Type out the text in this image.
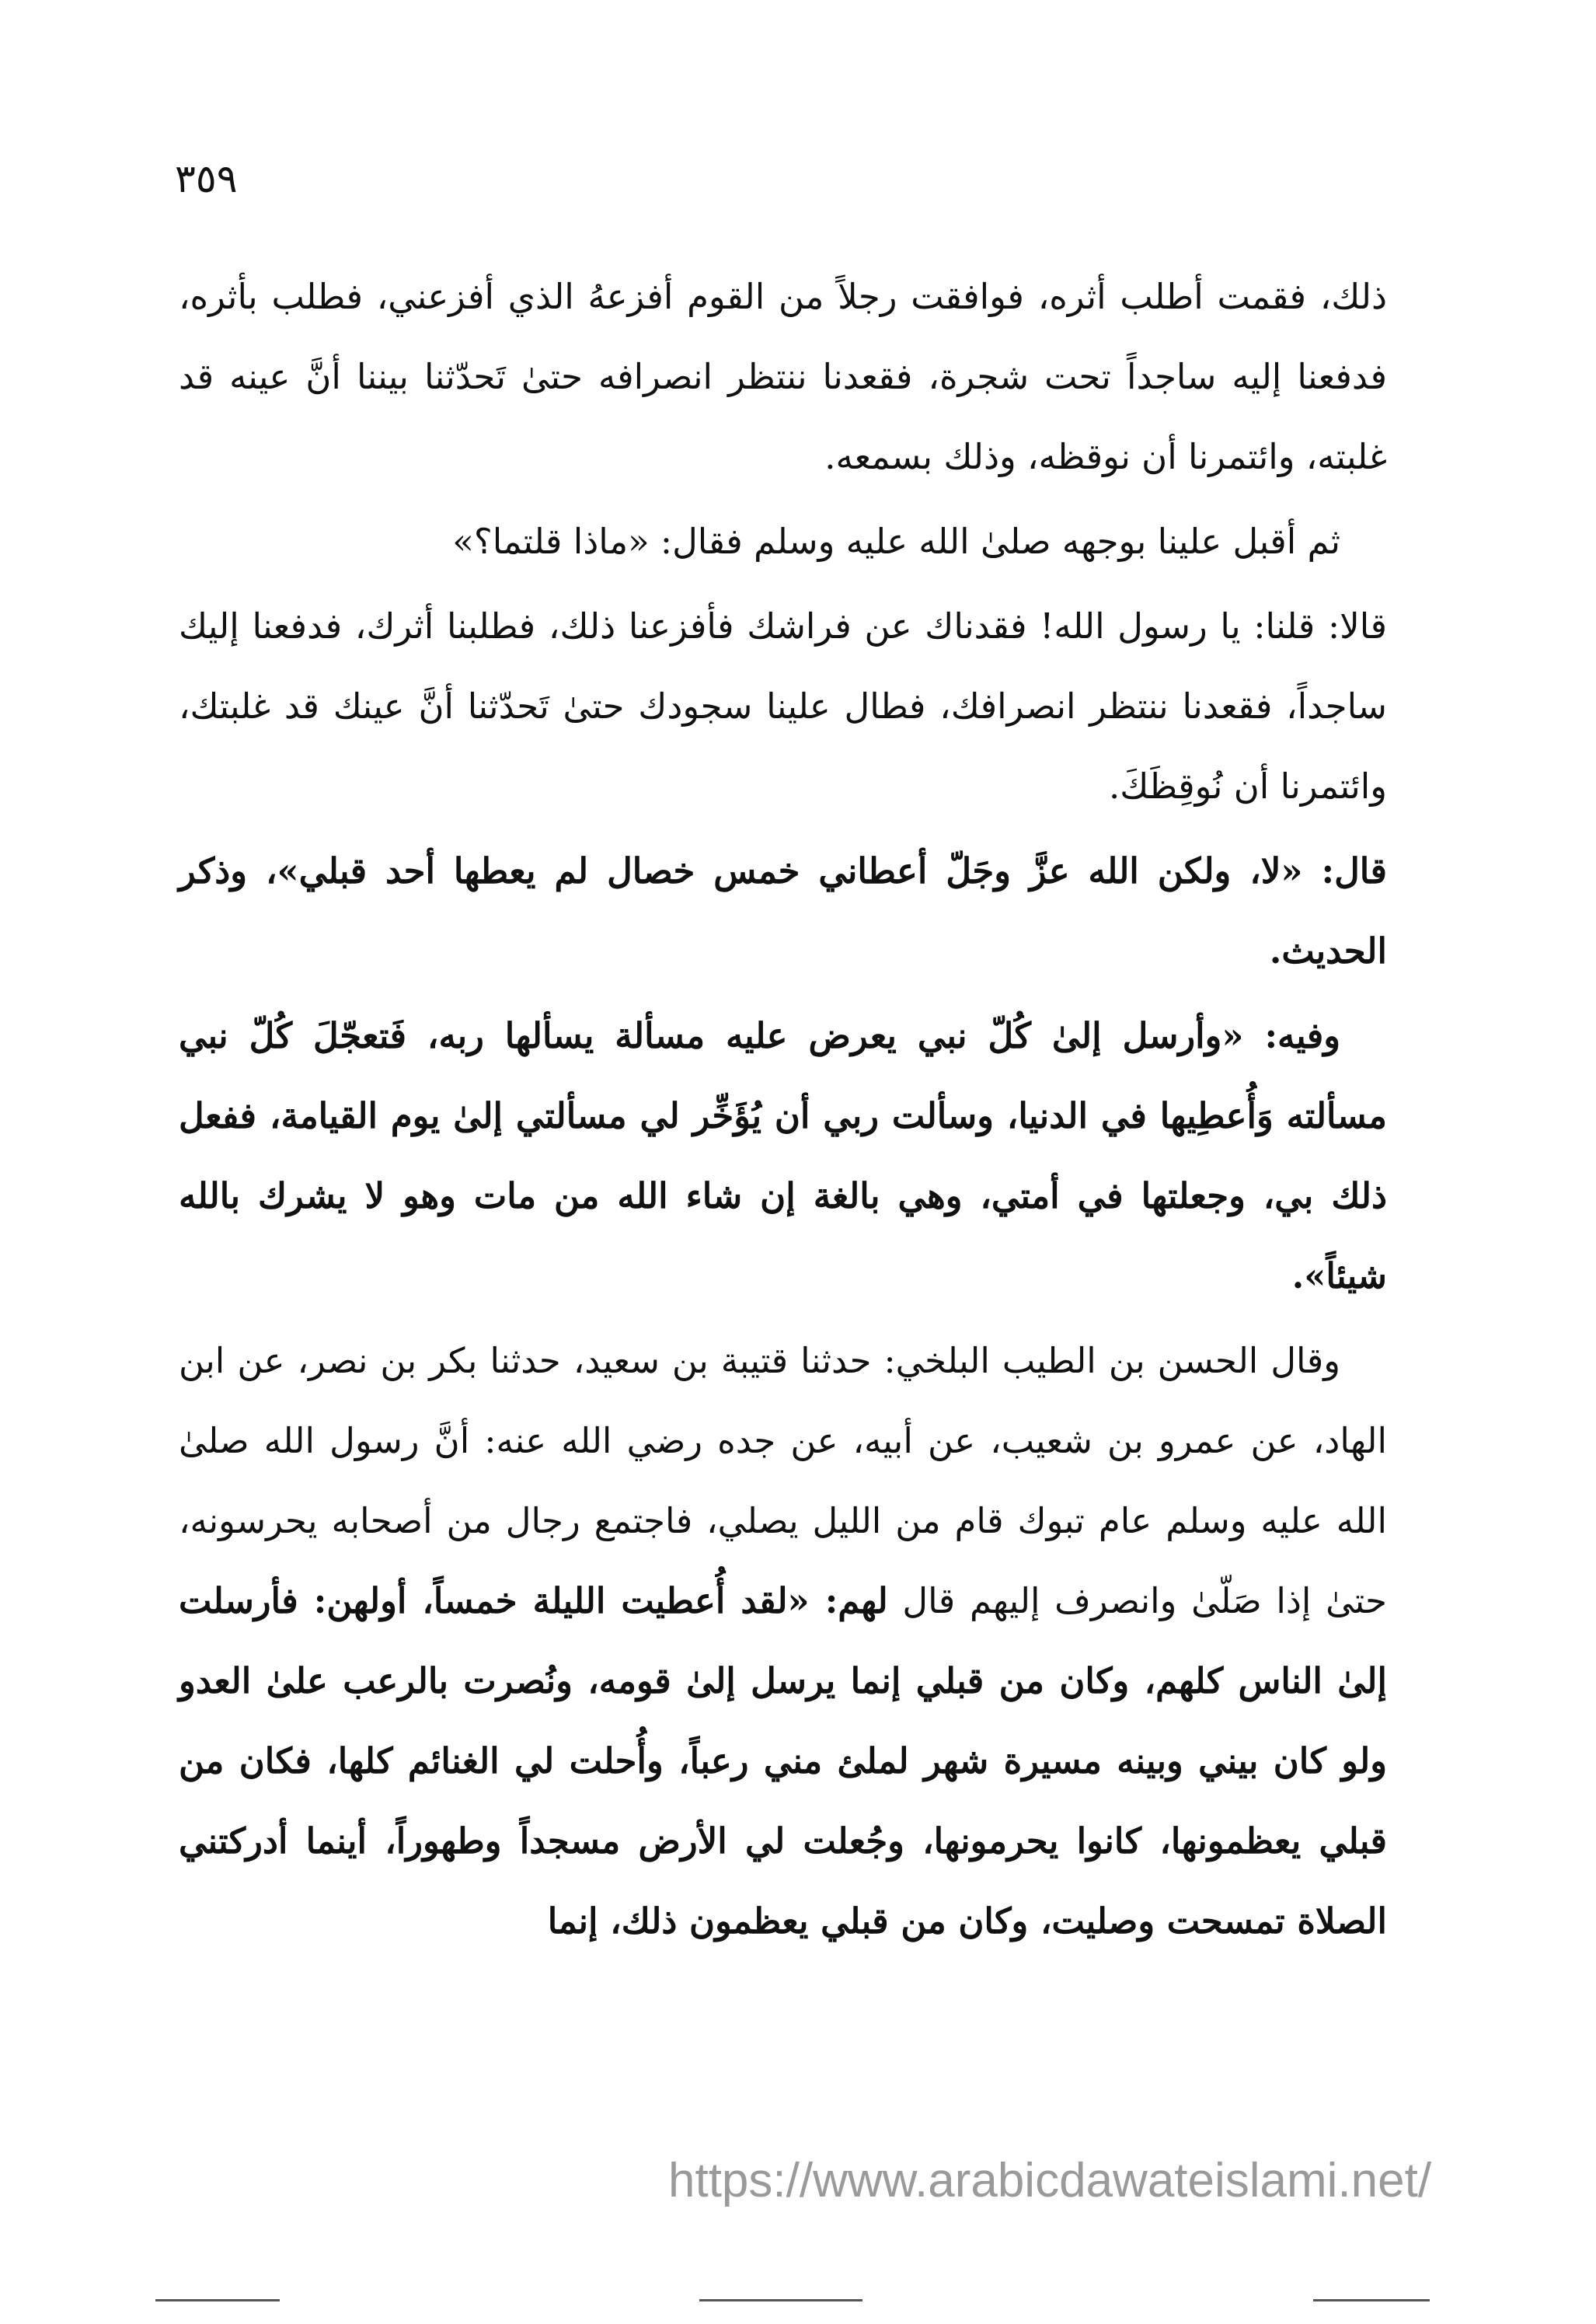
٣٥٩

ذلك، فقمت أطلب أثره، فوافقت رجلاً من القوم أفزعهُ الذي أفزعني، فطلب بأثره، فدفعنا إليه ساجداً تحت شجرة، فقعدنا ننتظر انصرافه حتىٰ تَحدّثنا بيننا أنَّ عينه قد غلبته، وائتمرنا أن نوقظه، وذلك بسمعه.

ثم أقبل علينا بوجهه صلىٰ الله عليه وسلم فقال: «ماذا قلتما؟»

قالا: قلنا: يا رسول الله! فقدناك عن فراشك فأفزعنا ذلك، فطلبنا أثرك، فدفعنا إليك ساجداً، فقعدنا ننتظر انصرافك، فطال علينا سجودك حتىٰ تَحدّثنا أنَّ عينك قد غلبتك، وائتمرنا أن نُوقِظَكَ.

قال: «لا، ولكن الله عزَّ وجَلّ أعطاني خمس خصال لم يعطها أحد قبلي»، وذكر الحديث.

وفيه: «وأرسل إلىٰ كُلّ نبي يعرض عليه مسألة يسألها ربه، فَتعجّلَ كُلّ نبي مسألته وَأُعطِيها في الدنيا، وسألت ربي أن يُؤَخِّر لي مسألتي إلىٰ يوم القيامة، ففعل ذلك بي، وجعلتها في أمتي، وهي بالغة إن شاء الله من مات وهو لا يشرك بالله شيئاً».

وقال الحسن بن الطيب البلخي: حدثنا قتيبة بن سعيد، حدثنا بكر بن نصر، عن ابن الهاد، عن عمرو بن شعيب، عن أبيه، عن جده رضي الله عنه: أنَّ رسول الله صلىٰ الله عليه وسلم عام تبوك قام من الليل يصلي، فاجتمع رجال من أصحابه يحرسونه، حتىٰ إذا صَلّىٰ وانصرف إليهم قال لهم: «لقد أُعطيت الليلة خمساً، أولهن: فأرسلت إلىٰ الناس كلهم، وكان من قبلي إنما يرسل إلىٰ قومه، ونُصرت بالرعب علىٰ العدو ولو كان بيني وبينه مسيرة شهر لملئ مني رعباً، وأُحلت لي الغنائم كلها، فكان من قبلي يعظمونها، كانوا يحرمونها، وجُعلت لي الأرض مسجداً وطهوراً، أينما أدركتني الصلاة تمسحت وصليت، وكان من قبلي يعظمون ذلك، إنما

https://www.arabicdawateislami.net/
